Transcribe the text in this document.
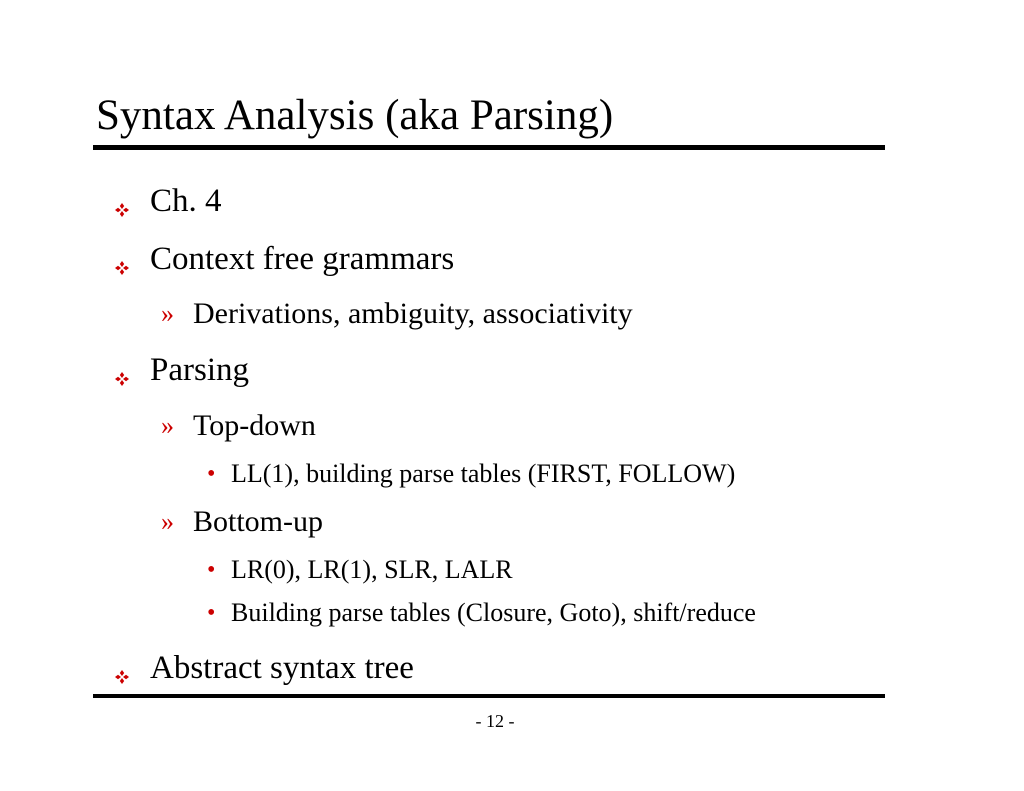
Syntax Analysis (aka Parsing)
Ch. 4
Context free grammars
» Derivations, ambiguity, associativity
Parsing
» Top-down
• LL(1), building parse tables (FIRST, FOLLOW)
» Bottom-up
• LR(0), LR(1), SLR, LALR
• Building parse tables (Closure, Goto), shift/reduce
Abstract syntax tree
- 12 -
